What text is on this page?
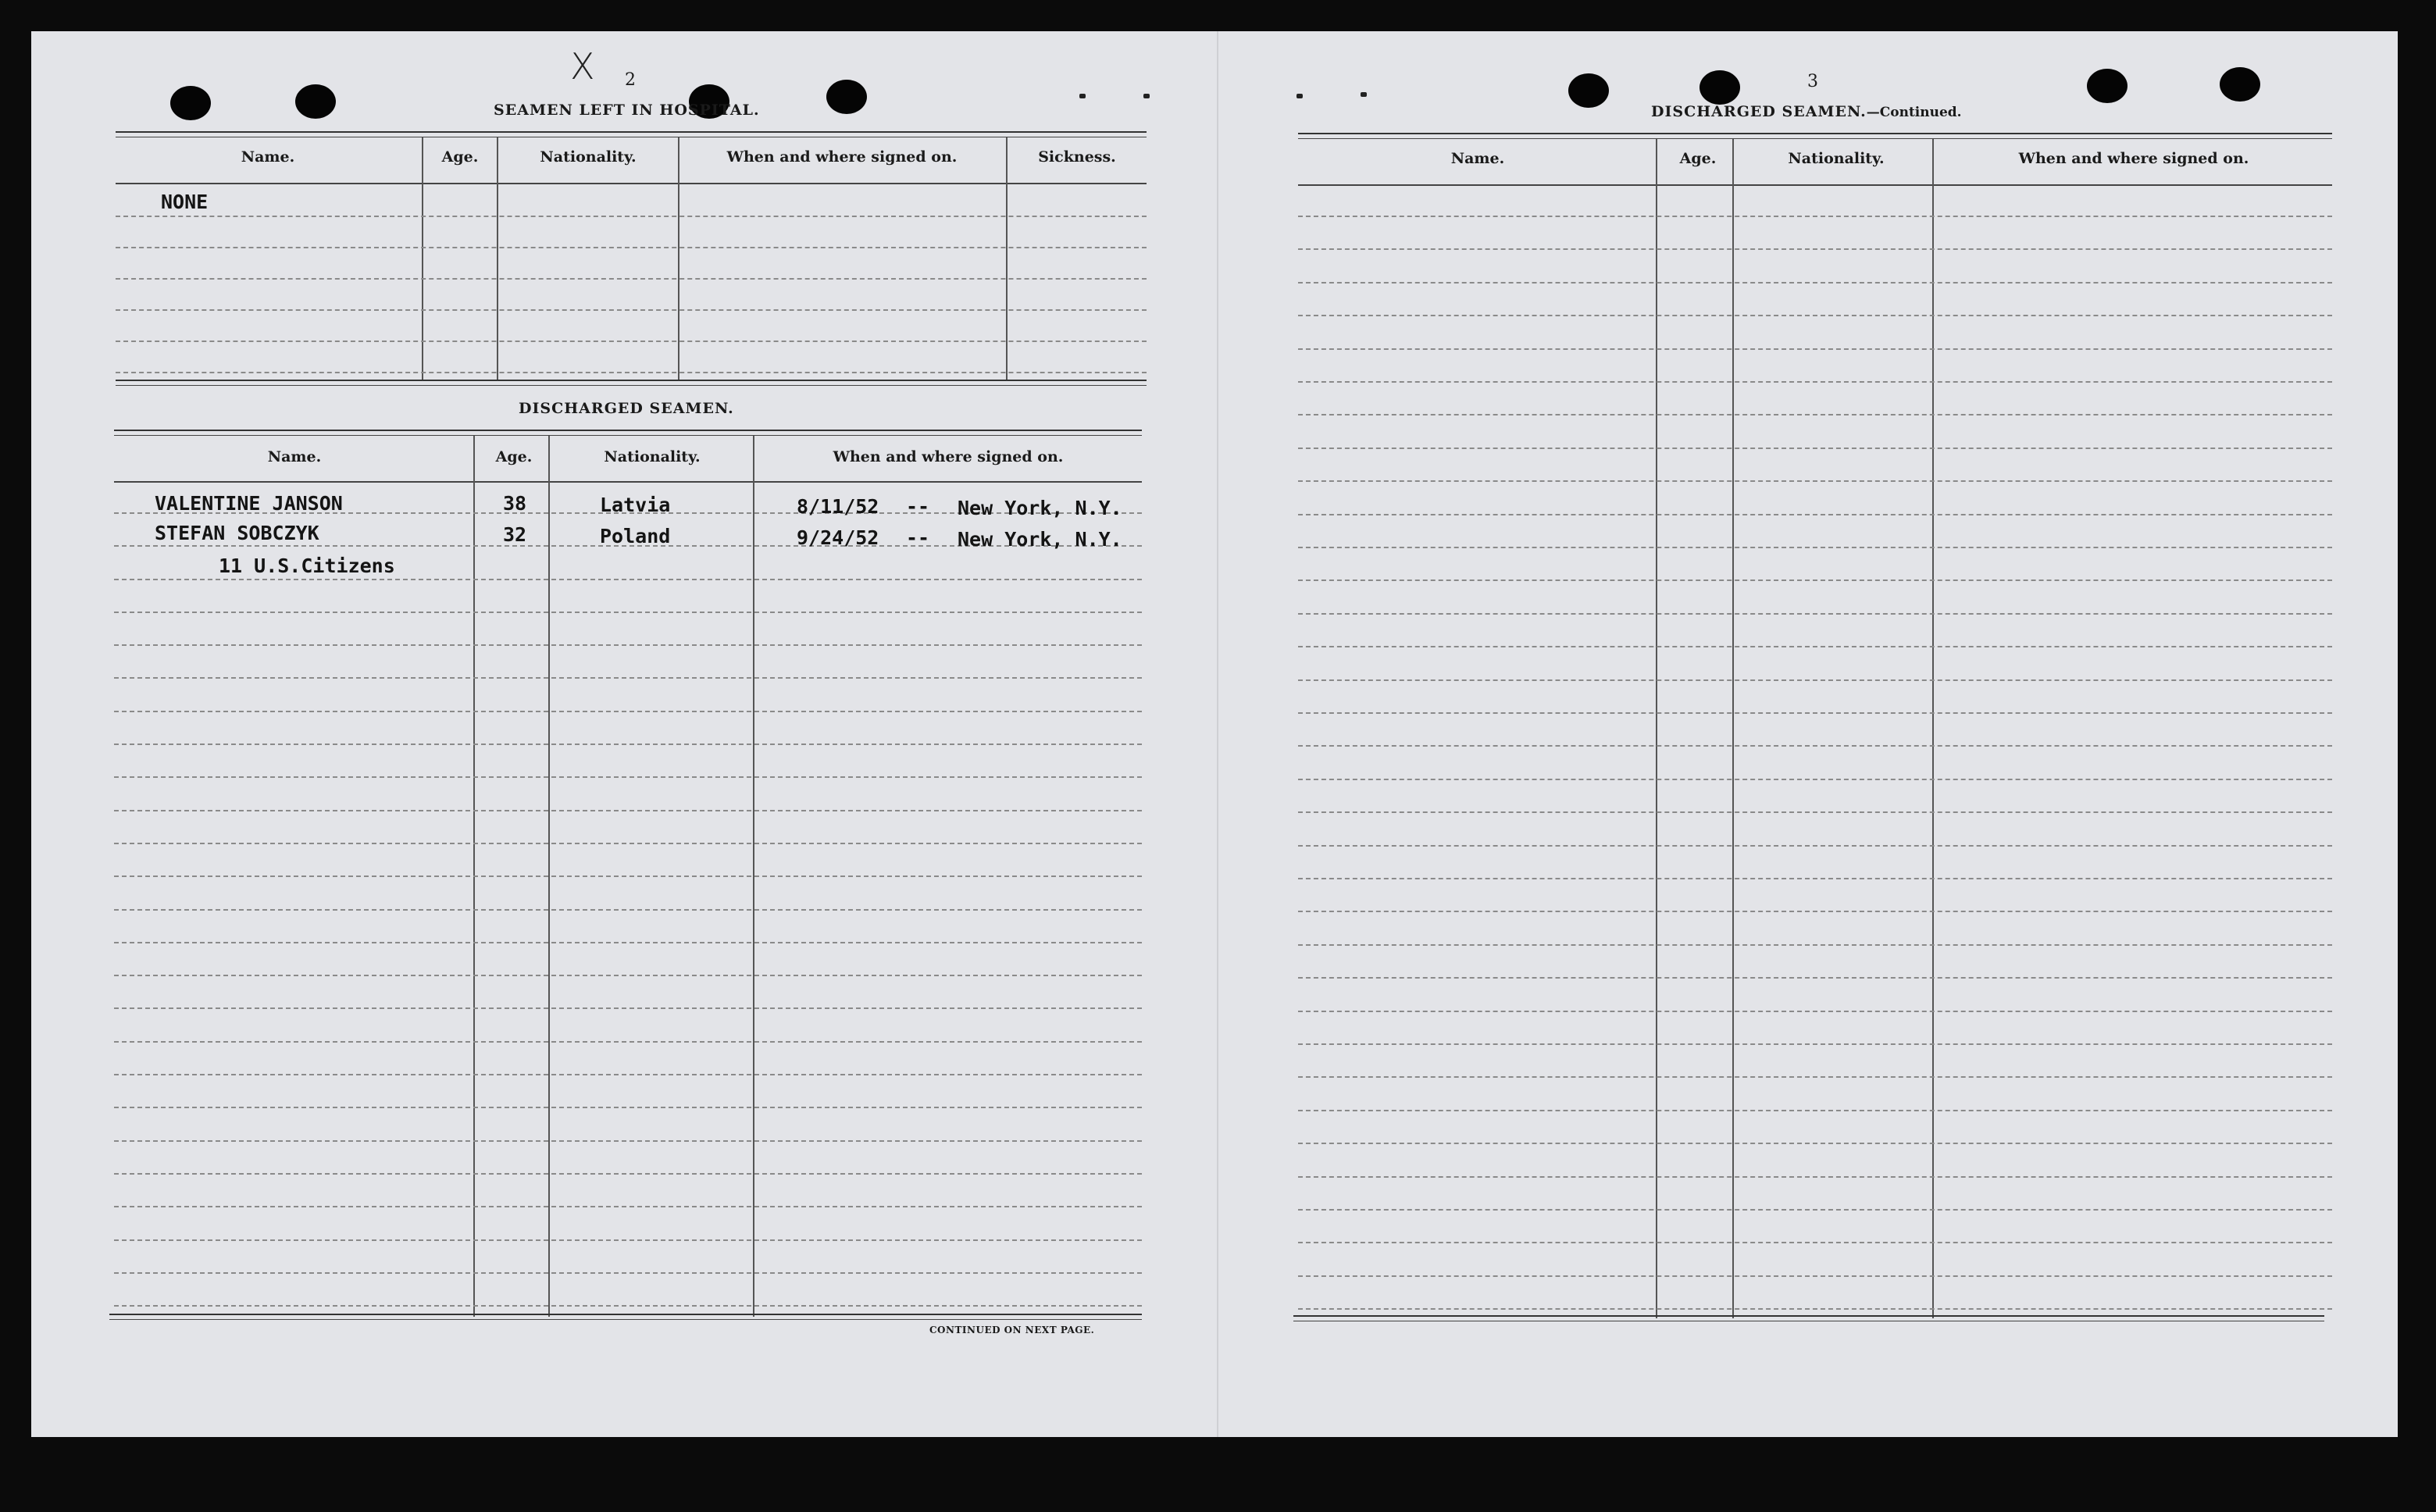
X 2
SEAMEN LEFT IN HOSPITAL.
Name.	Age.	Nationality.	When and where signed on.	Sickness.
NONE
DISCHARGED SEAMEN.
Name.	Age.	Nationality.	When and where signed on.
VALENTINE JANSON	38	Latvia	8/11/52 -- New York, N.Y.
STEFAN SOBCZYK	32	Poland	9/24/52 -- New York, N.Y.
11 U.S.Citizens
CONTINUED ON NEXT PAGE.
3
DISCHARGED SEAMEN.—Continued.
Name.	Age.	Nationality.	When and where signed on.
